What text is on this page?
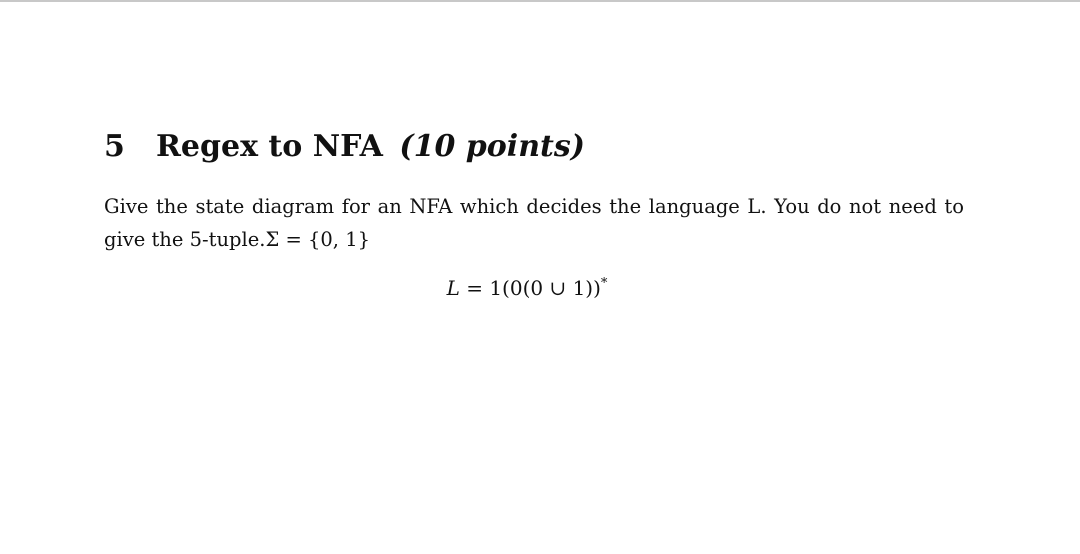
5 Regex to NFA (10 points)

Give the state diagram for an NFA which decides the language L. You do not need to give the 5-tuple.Σ = {0, 1}

L = 1(0(0 ∪ 1))*
